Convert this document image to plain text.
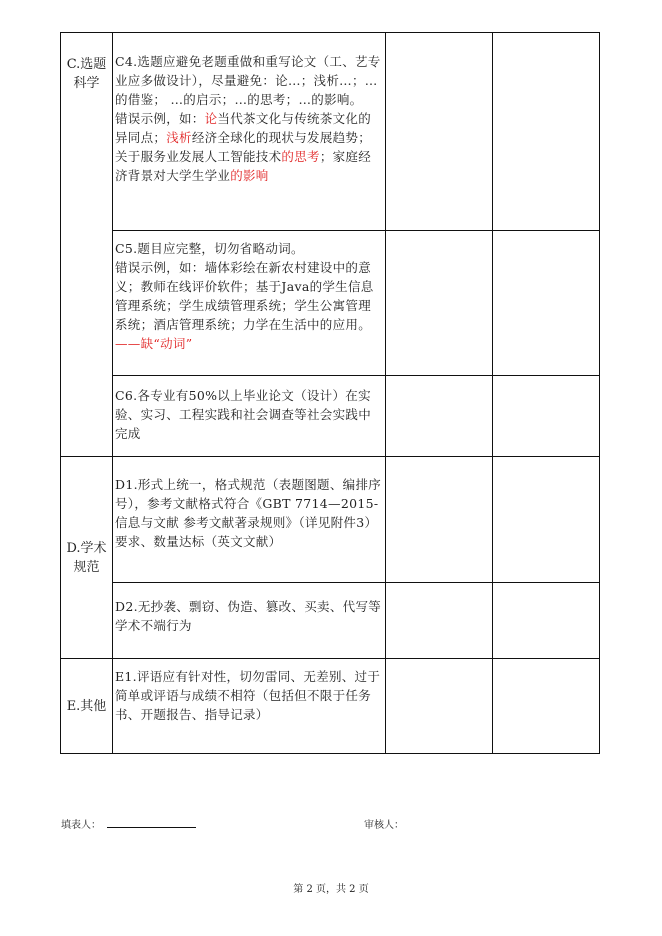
C.选题科学	C4.选题应避免老题重做和重写论文（工、艺专业应多做设计），尽量避免：论…；浅析…；…的借鉴； …的启示；…的思考；…的影响。
错误示例，如：论当代茶文化与传统茶文化的异同点；浅析经济全球化的现状与发展趋势；关于服务业发展人工智能技术的思考；家庭经济背景对大学生学业的影响		
	C5.题目应完整，切勿省略动词。
错误示例，如：墙体彩绘在新农村建设中的意义；教师在线评价软件；基于Java的学生信息管理系统；学生成绩管理系统；学生公寓管理系统；酒店管理系统；力学在生活中的应用。 ——缺“动词”		
	C6.各专业有50%以上毕业论文（设计）在实验、实习、工程实践和社会调查等社会实践中完成		
D.学术规范	D1.形式上统一，格式规范（表题图题、编排序号），参考文献格式符合《GBT 7714—2015-信息与文献 参考文献著录规则》（详见附件3）要求、数量达标（英文文献）		
	D2.无抄袭、剽窃、伪造、篡改、买卖、代写等学术不端行为		
E.其他	E1.评语应有针对性，切勿雷同、无差别、过于简单或评语与成绩不相符（包括但不限于任务书、开题报告、指导记录）		
填表人：	审核人：
第 2 页，共 2 页
